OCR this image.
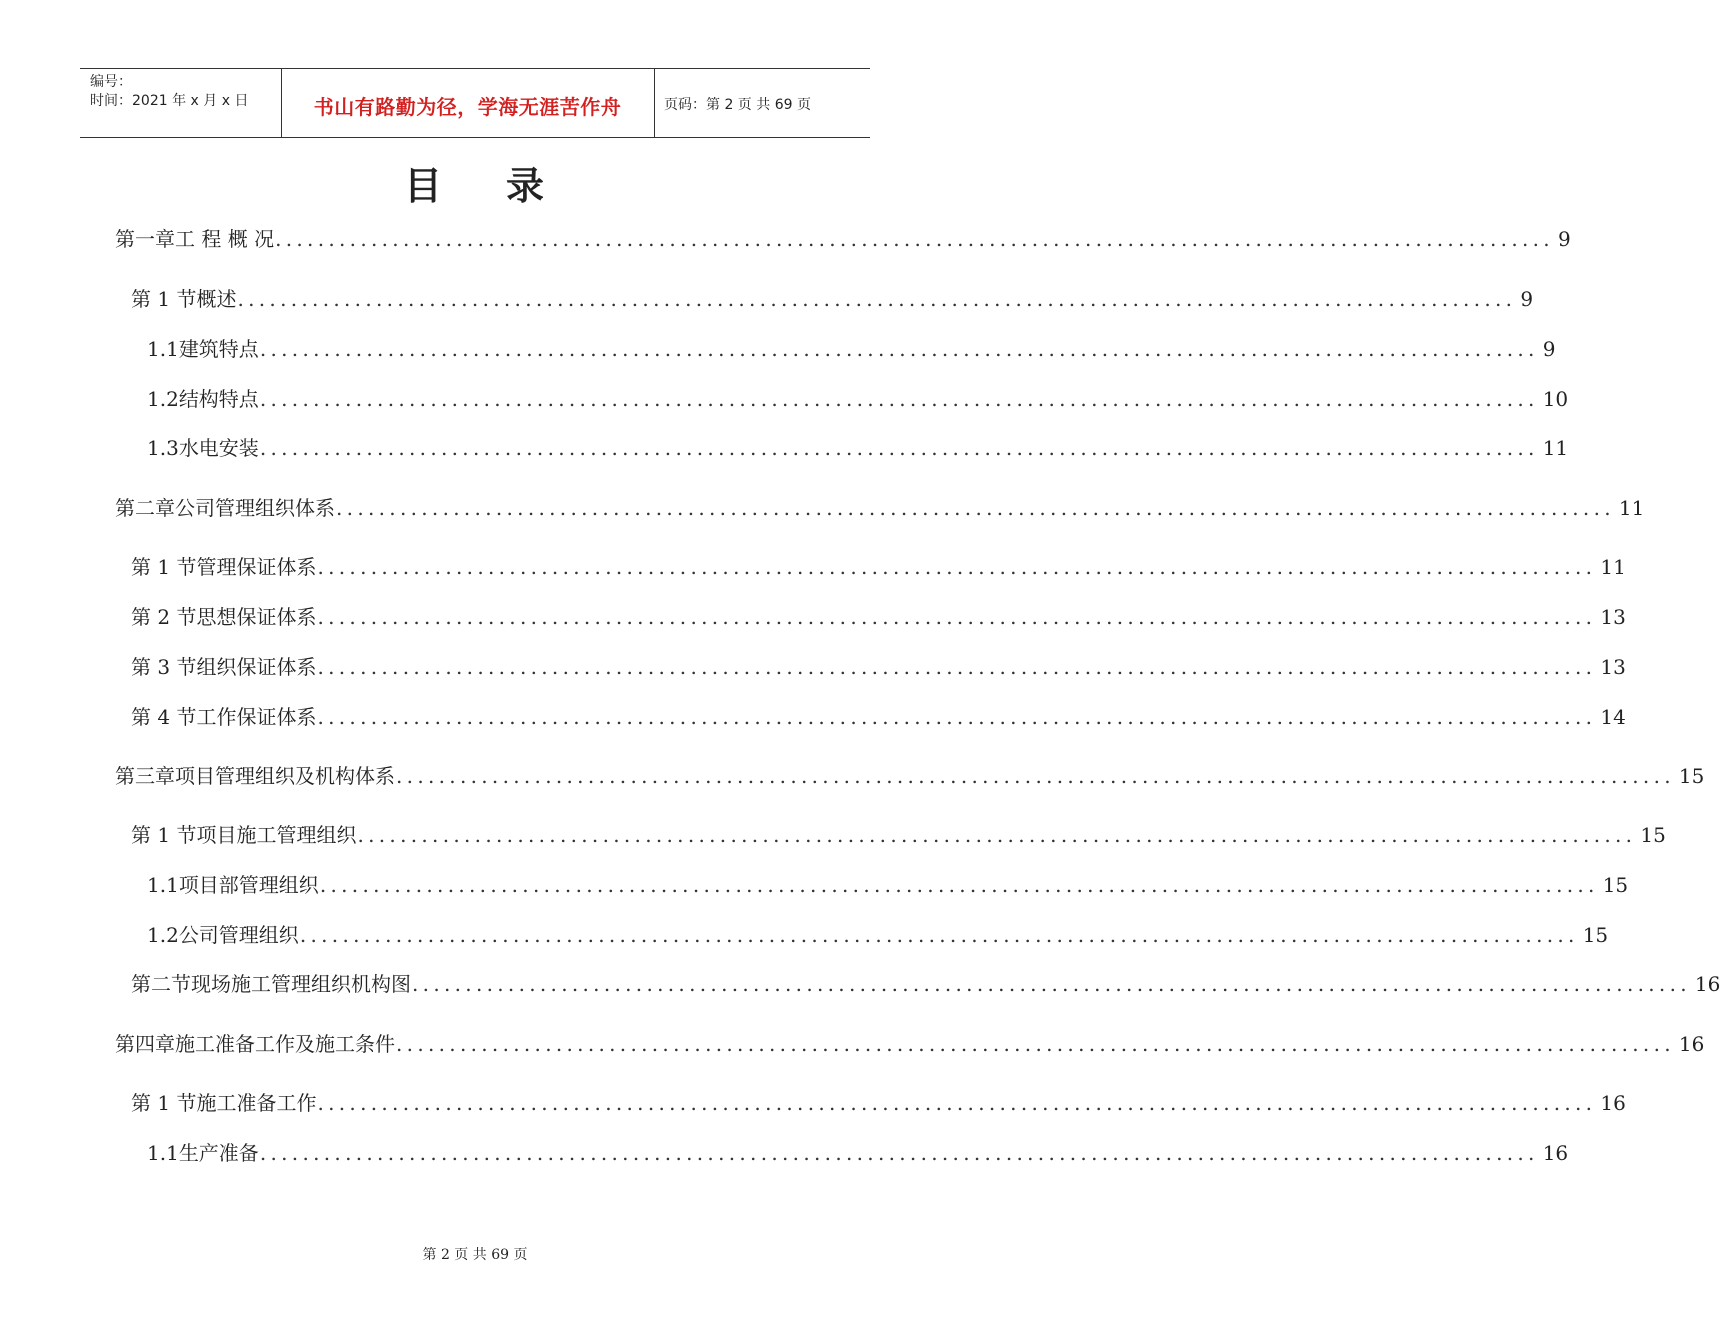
编号：
时间：2021 年 x 月 x 日	书山有路勤为径，学海无涯苦作舟	页码：第 2 页 共 69 页
目 录
第一章 工 程 概 况 ........................................................................................................................ 9
第 1 节 概述 ........................................................................................................................ 9
1.1 建筑特点 ........................................................................................................................ 9
1.2 结构特点 ........................................................................................................................ 10
1.3 水电安装 ........................................................................................................................ 11
第二章 公司管理组织体系 ........................................................................................................................ 11
第 1 节 管理保证体系 ........................................................................................................................ 11
第 2 节 思想保证体系 ........................................................................................................................ 13
第 3 节 组织保证体系 ........................................................................................................................ 13
第 4 节 工作保证体系 ........................................................................................................................ 14
第三章 项目管理组织及机构体系 ........................................................................................................................ 15
第 1 节 项目施工管理组织 ........................................................................................................................ 15
1.1 项目部管理组织 ........................................................................................................................ 15
1.2 公司管理组织 ........................................................................................................................ 15
第二节 现场施工管理组织机构图 ........................................................................................................................ 16
第四章 施工准备工作及施工条件 ........................................................................................................................ 16
第 1 节 施工准备工作 ........................................................................................................................ 16
1.1 生产准备 ........................................................................................................................ 16
第 2 页 共 69 页
